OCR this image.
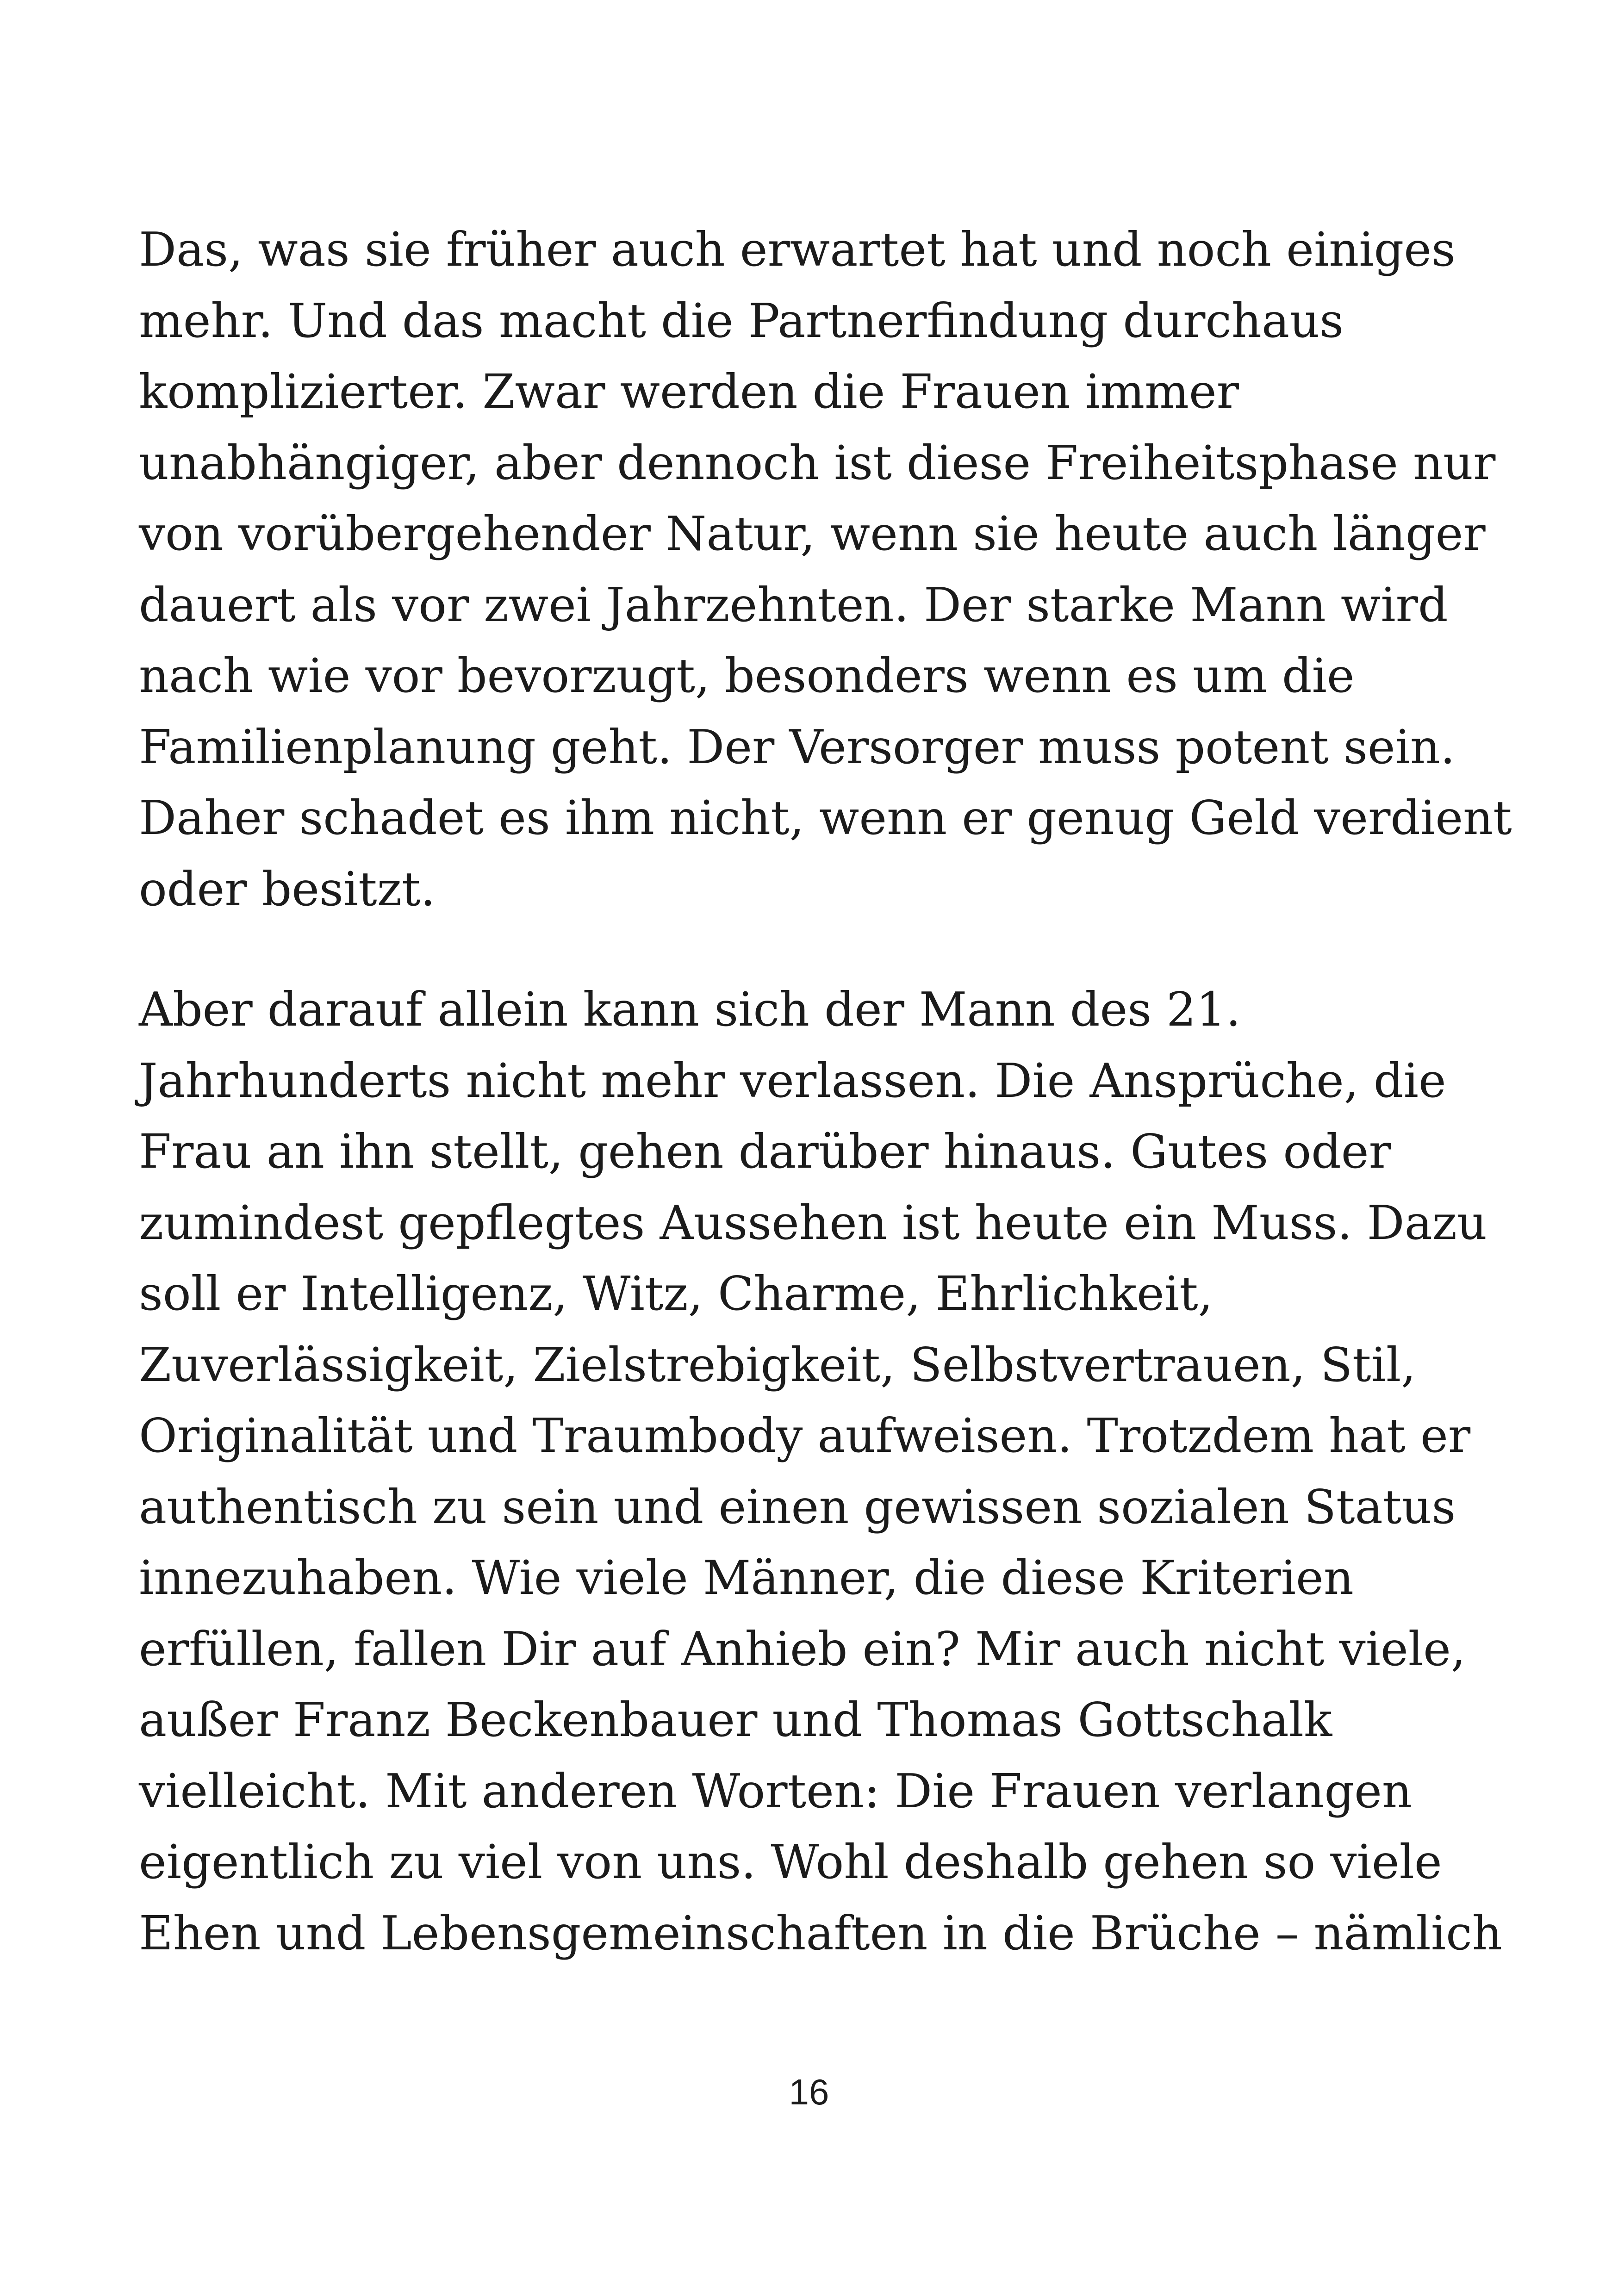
Das, was sie früher auch erwartet hat und noch einiges
mehr. Und das macht die Partnerfindung durchaus
komplizierter. Zwar werden die Frauen immer
unabhängiger, aber dennoch ist diese Freiheitsphase nur
von vorübergehender Natur, wenn sie heute auch länger
dauert als vor zwei Jahrzehnten. Der starke Mann wird
nach wie vor bevorzugt, besonders wenn es um die
Familienplanung geht. Der Versorger muss potent sein.
Daher schadet es ihm nicht, wenn er genug Geld verdient
oder besitzt.
Aber darauf allein kann sich der Mann des 21.
Jahrhunderts nicht mehr verlassen. Die Ansprüche, die
Frau an ihn stellt, gehen darüber hinaus. Gutes oder
zumindest gepflegtes Aussehen ist heute ein Muss. Dazu
soll er Intelligenz, Witz, Charme, Ehrlichkeit,
Zuverlässigkeit, Zielstrebigkeit, Selbstvertrauen, Stil,
Originalität und Traumbody aufweisen. Trotzdem hat er
authentisch zu sein und einen gewissen sozialen Status
innezuhaben. Wie viele Männer, die diese Kriterien
erfüllen, fallen Dir auf Anhieb ein? Mir auch nicht viele,
außer Franz Beckenbauer und Thomas Gottschalk
vielleicht. Mit anderen Worten: Die Frauen verlangen
eigentlich zu viel von uns. Wohl deshalb gehen so viele
Ehen und Lebensgemeinschaften in die Brüche – nämlich
16
